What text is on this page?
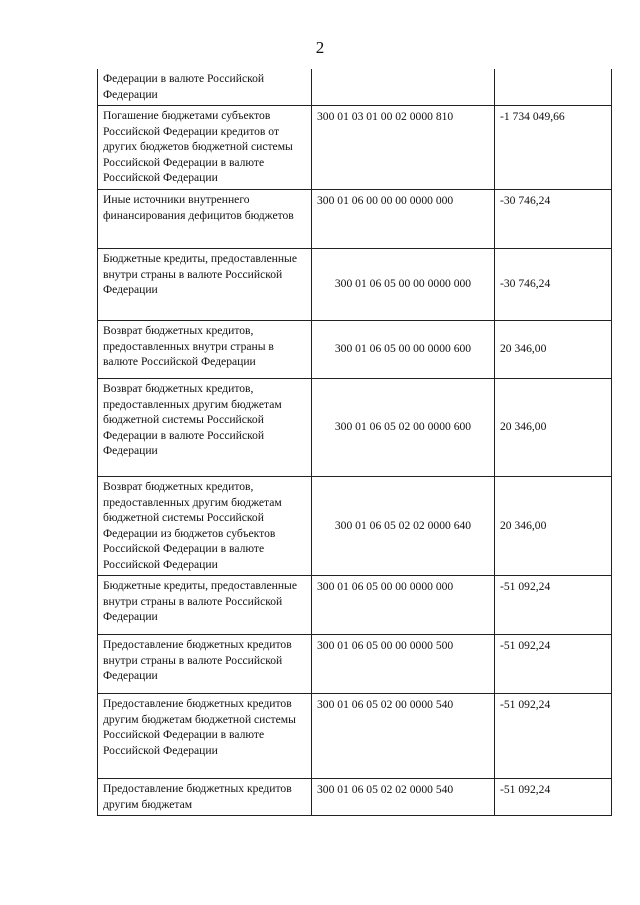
2
Федерации в валюте Российской Федерации		
Погашение бюджетами субъектов Российской Федерации кредитов от других бюджетов бюджетной системы Российской Федерации в валюте Российской Федерации	300 01 03 01 00 02 0000 810	-1 734 049,66
Иные источники внутреннего финансирования дефицитов бюджетов	300 01 06 00 00 00 0000 000	-30 746,24
Бюджетные кредиты, предоставленные внутри страны в валюте Российской Федерации	300 01 06 05 00 00 0000 000	-30 746,24
Возврат бюджетных кредитов, предоставленных внутри страны в валюте Российской Федерации	300 01 06 05 00 00 0000 600	20 346,00
Возврат бюджетных кредитов, предоставленных другим бюджетам бюджетной системы Российской Федерации в валюте Российской Федерации	300 01 06 05 02 00 0000 600	20 346,00
Возврат бюджетных кредитов, предоставленных другим бюджетам бюджетной системы Российской Федерации из бюджетов субъектов Российской Федерации в валюте Российской Федерации	300 01 06 05 02 02 0000 640	20 346,00
Бюджетные кредиты, предоставленные внутри страны в валюте Российской Федерации	300 01 06 05 00 00 0000 000	-51 092,24
Предоставление бюджетных кредитов внутри страны в валюте Российской Федерации	300 01 06 05 00 00 0000 500	-51 092,24
Предоставление бюджетных кредитов другим бюджетам бюджетной системы Российской Федерации в валюте Российской Федерации	300 01 06 05 02 00 0000 540	-51 092,24
Предоставление бюджетных кредитов другим бюджетам	300 01 06 05 02 02 0000 540	-51 092,24
